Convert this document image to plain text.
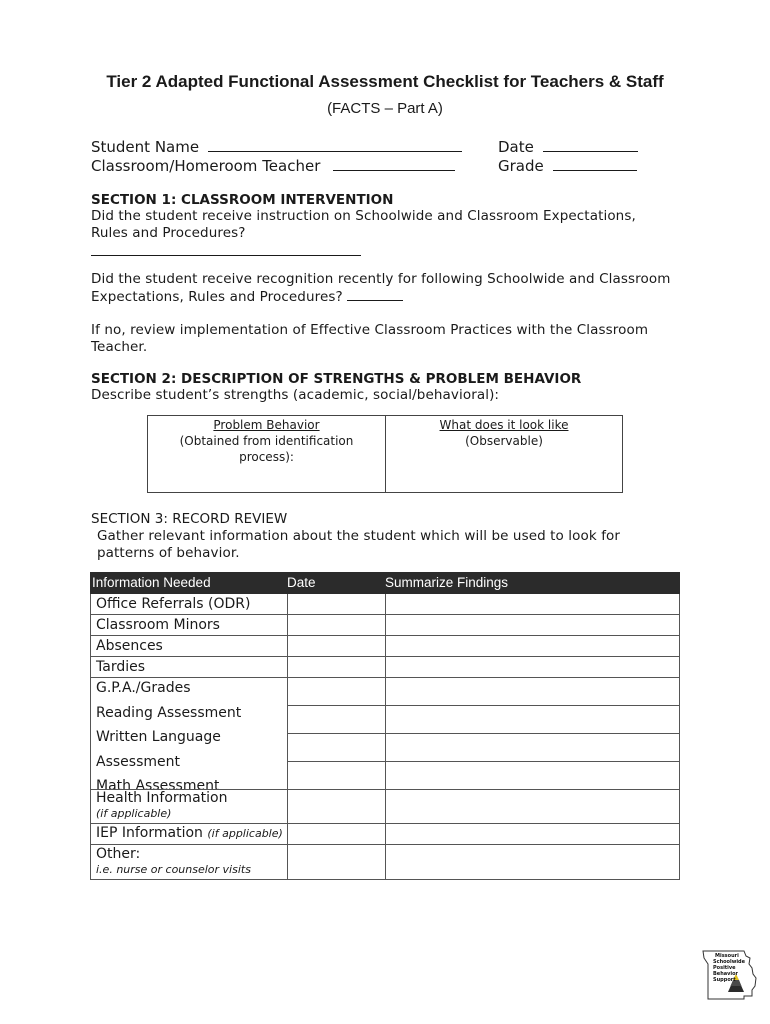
Tier 2 Adapted Functional Assessment Checklist for Teachers & Staff
(FACTS – Part A)
Student Name	Date
Classroom/Homeroom Teacher	Grade
SECTION 1: CLASSROOM INTERVENTION
Did the student receive instruction on Schoolwide and Classroom Expectations,
Rules and Procedures?
Did the student receive recognition recently for following Schoolwide and Classroom
Expectations, Rules and Procedures?
If no, review implementation of Effective Classroom Practices with the Classroom
Teacher.
SECTION 2: DESCRIPTION OF STRENGTHS & PROBLEM BEHAVIOR
Describe student’s strengths (academic, social/behavioral):
Problem Behavior
(Obtained from identification
process):
What does it look like
(Observable)
SECTION 3: RECORD REVIEW
Gather relevant information about the student which will be used to look for
patterns of behavior.
Information Needed	Date	Summarize Findings
Office Referrals (ODR)
Classroom Minors
Absences
Tardies
G.P.A./Grades
Reading Assessment
Written Language
Assessment
Math Assessment
Health Information
(if applicable)
IEP Information (if applicable)
Other:
i.e. nurse or counselor visits
Missouri
Schoolwide
Positive
Behavior
Support
